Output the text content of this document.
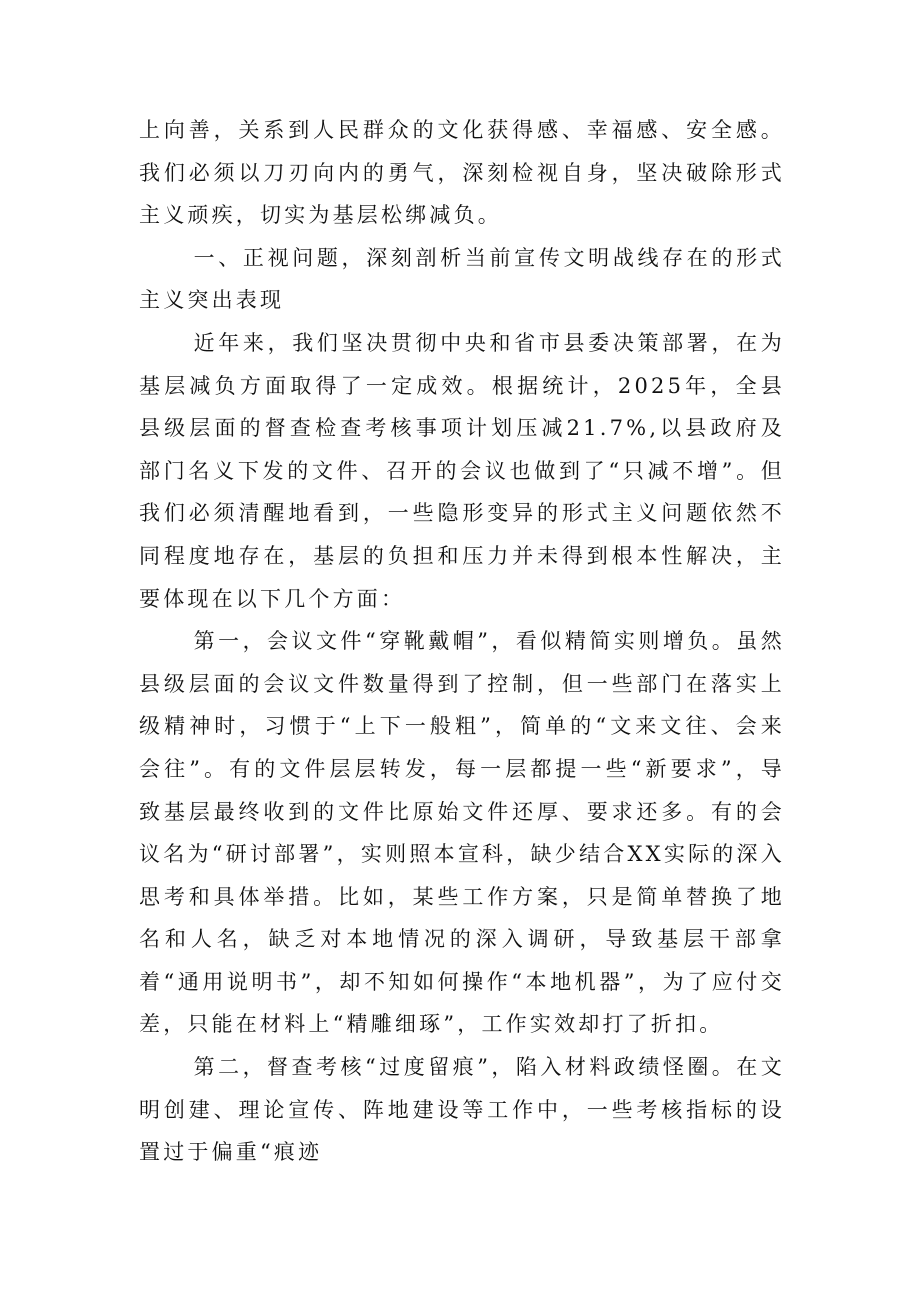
上向善，关系到人民群众的文化获得感、幸福感、安全感。我们必须以刀刃向内的勇气，深刻检视自身，坚决破除形式主义顽疾，切实为基层松绑减负。

一、正视问题，深刻剖析当前宣传文明战线存在的形式主义突出表现

近年来，我们坚决贯彻中央和省市县委决策部署，在为基层减负方面取得了一定成效。根据统计，2025年，全县县级层面的督查检查考核事项计划压减21.7%,以县政府及部门名义下发的文件、召开的会议也做到了“只减不增”。但我们必须清醒地看到，一些隐形变异的形式主义问题依然不同程度地存在，基层的负担和压力并未得到根本性解决，主要体现在以下几个方面：

第一，会议文件“穿靴戴帽”，看似精简实则增负。虽然县级层面的会议文件数量得到了控制，但一些部门在落实上级精神时，习惯于“上下一般粗”，简单的“文来文往、会来会往”。有的文件层层转发，每一层都提一些“新要求”，导致基层最终收到的文件比原始文件还厚、要求还多。有的会议名为“研讨部署”，实则照本宣科，缺少结合XX实际的深入思考和具体举措。比如，某些工作方案，只是简单替换了地名和人名，缺乏对本地情况的深入调研，导致基层干部拿着“通用说明书”，却不知如何操作“本地机器”，为了应付交差，只能在材料上“精雕细琢”，工作实效却打了折扣。

第二，督查考核“过度留痕”，陷入材料政绩怪圈。在文明创建、理论宣传、阵地建设等工作中，一些考核指标的设置过于偏重“痕迹
